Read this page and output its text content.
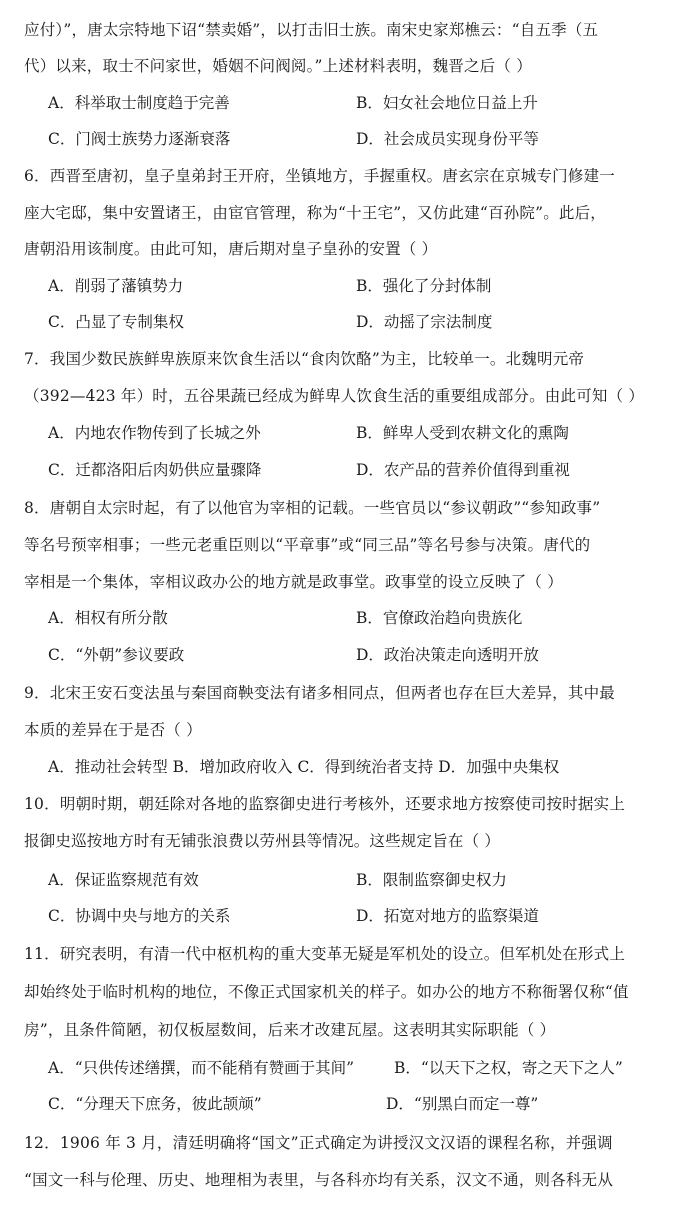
应付）”，唐太宗特地下诏“禁卖婚”，以打击旧士族。南宋史家郑樵云：“自五季（五
代）以来，取士不问家世，婚姻不问阀阅。”上述材料表明，魏晋之后（ ）
A．科举取士制度趋于完善	B．妇女社会地位日益上升
C．门阀士族势力逐渐衰落	D．社会成员实现身份平等
6．西晋至唐初，皇子皇弟封王开府，坐镇地方，手握重权。唐玄宗在京城专门修建一
座大宅邸，集中安置诸王，由宦官管理，称为“十王宅”，又仿此建“百孙院”。此后，
唐朝沿用该制度。由此可知，唐后期对皇子皇孙的安置（ ）
A．削弱了藩镇势力	B．强化了分封体制
C．凸显了专制集权	D．动摇了宗法制度
7．我国少数民族鲜卑族原来饮食生活以“食肉饮酪”为主，比较单一。北魏明元帝
（392—423 年）时，五谷果蔬已经成为鲜卑人饮食生活的重要组成部分。由此可知（ ）
A．内地农作物传到了长城之外	B．鲜卑人受到农耕文化的熏陶
C．迁都洛阳后肉奶供应量骤降	D．农产品的营养价值得到重视
8．唐朝自太宗时起，有了以他官为宰相的记载。一些官员以“参议朝政”“参知政事”
等名号预宰相事；一些元老重臣则以“平章事”或“同三品”等名号参与决策。唐代的
宰相是一个集体，宰相议政办公的地方就是政事堂。政事堂的设立反映了（ ）
A．相权有所分散	B．官僚政治趋向贵族化
C．“外朝”参议要政	D．政治决策走向透明开放
9．北宋王安石变法虽与秦国商鞅变法有诸多相同点，但两者也存在巨大差异，其中最
本质的差异在于是否（ ）
A．推动社会转型 B．增加政府收入 C．得到统治者支持 D．加强中央集权
10．明朝时期，朝廷除对各地的监察御史进行考核外，还要求地方按察使司按时据实上
报御史巡按地方时有无铺张浪费以劳州县等情况。这些规定旨在（ ）
A．保证监察规范有效	B．限制监察御史权力
C．协调中央与地方的关系	D．拓宽对地方的监察渠道
11．研究表明，有清一代中枢机构的重大变革无疑是军机处的设立。但军机处在形式上
却始终处于临时机构的地位，不像正式国家机关的样子。如办公的地方不称衙署仅称“值
房”，且条件简陋，初仅板屋数间，后来才改建瓦屋。这表明其实际职能（ ）
A．“只供传述缮撰，而不能稍有赞画于其间”	B．“以天下之权，寄之天下之人”
C．“分理天下庶务，彼此颉颃”	D．“别黑白而定一尊”
12．1906 年 3 月，清廷明确将“国文”正式确定为讲授汉文汉语的课程名称，并强调
“国文一科与伦理、历史、地理相为表里，与各科亦均有关系，汉文不通，则各科无从
